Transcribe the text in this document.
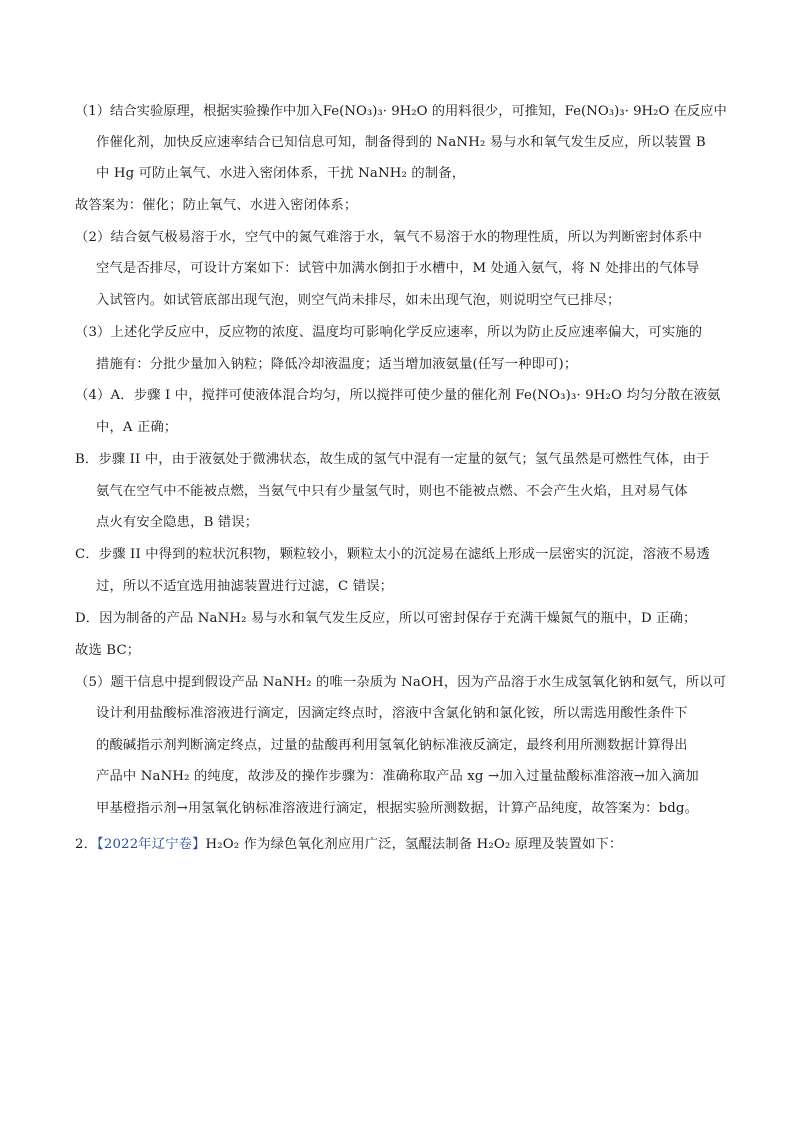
（1）结合实验原理，根据实验操作中加入Fe(NO₃)₃· 9H₂O 的用料很少，可推知，Fe(NO₃)₃· 9H₂O 在反应中
作催化剂，加快反应速率结合已知信息可知，制备得到的 NaNH₂ 易与水和氧气发生反应，所以装置 B
中 Hg 可防止氧气、水进入密闭体系，干扰 NaNH₂ 的制备，
故答案为：催化；防止氧气、水进入密闭体系；
（2）结合氨气极易溶于水，空气中的氮气难溶于水，氧气不易溶于水的物理性质，所以为判断密封体系中
空气是否排尽，可设计方案如下：试管中加满水倒扣于水槽中，M 处通入氨气，将 N 处排出的气体导
入试管内。如试管底部出现气泡，则空气尚未排尽，如未出现气泡，则说明空气已排尽；
（3）上述化学反应中，反应物的浓度、温度均可影响化学反应速率，所以为防止反应速率偏大，可实施的
措施有：分批少量加入钠粒；降低冷却液温度；适当增加液氨量(任写一种即可)；
（4）A．步骤 I 中，搅拌可使液体混合均匀，所以搅拌可使少量的催化剂 Fe(NO₃)₃· 9H₂O 均匀分散在液氨
中，A 正确；
B．步骤 II 中，由于液氨处于微沸状态，故生成的氢气中混有一定量的氨气；氢气虽然是可燃性气体，由于
氨气在空气中不能被点燃，当氨气中只有少量氢气时，则也不能被点燃、不会产生火焰，且对易气体
点火有安全隐患，B 错误；
C．步骤 II 中得到的粒状沉积物，颗粒较小，颗粒太小的沉淀易在滤纸上形成一层密实的沉淀，溶液不易透
过，所以不适宜选用抽滤装置进行过滤，C 错误；
D．因为制备的产品 NaNH₂ 易与水和氧气发生反应，所以可密封保存于充满干燥氮气的瓶中，D 正确；
故选 BC；
（5）题干信息中提到假设产品 NaNH₂ 的唯一杂质为 NaOH，因为产品溶于水生成氢氧化钠和氨气，所以可
设计利用盐酸标准溶液进行滴定，因滴定终点时，溶液中含氯化钠和氯化铵，所以需选用酸性条件下
的酸碱指示剂判断滴定终点，过量的盐酸再利用氢氧化钠标准液反滴定，最终利用所测数据计算得出
产品中 NaNH₂ 的纯度，故涉及的操作步骤为：准确称取产品 xg →加入过量盐酸标准溶液→加入滴加
甲基橙指示剂→用氢氧化钠标准溶液进行滴定，根据实验所测数据，计算产品纯度，故答案为：bdg。
2．【2022年辽宁卷】H₂O₂ 作为绿色氧化剂应用广泛，氢醌法制备 H₂O₂ 原理及装置如下：
